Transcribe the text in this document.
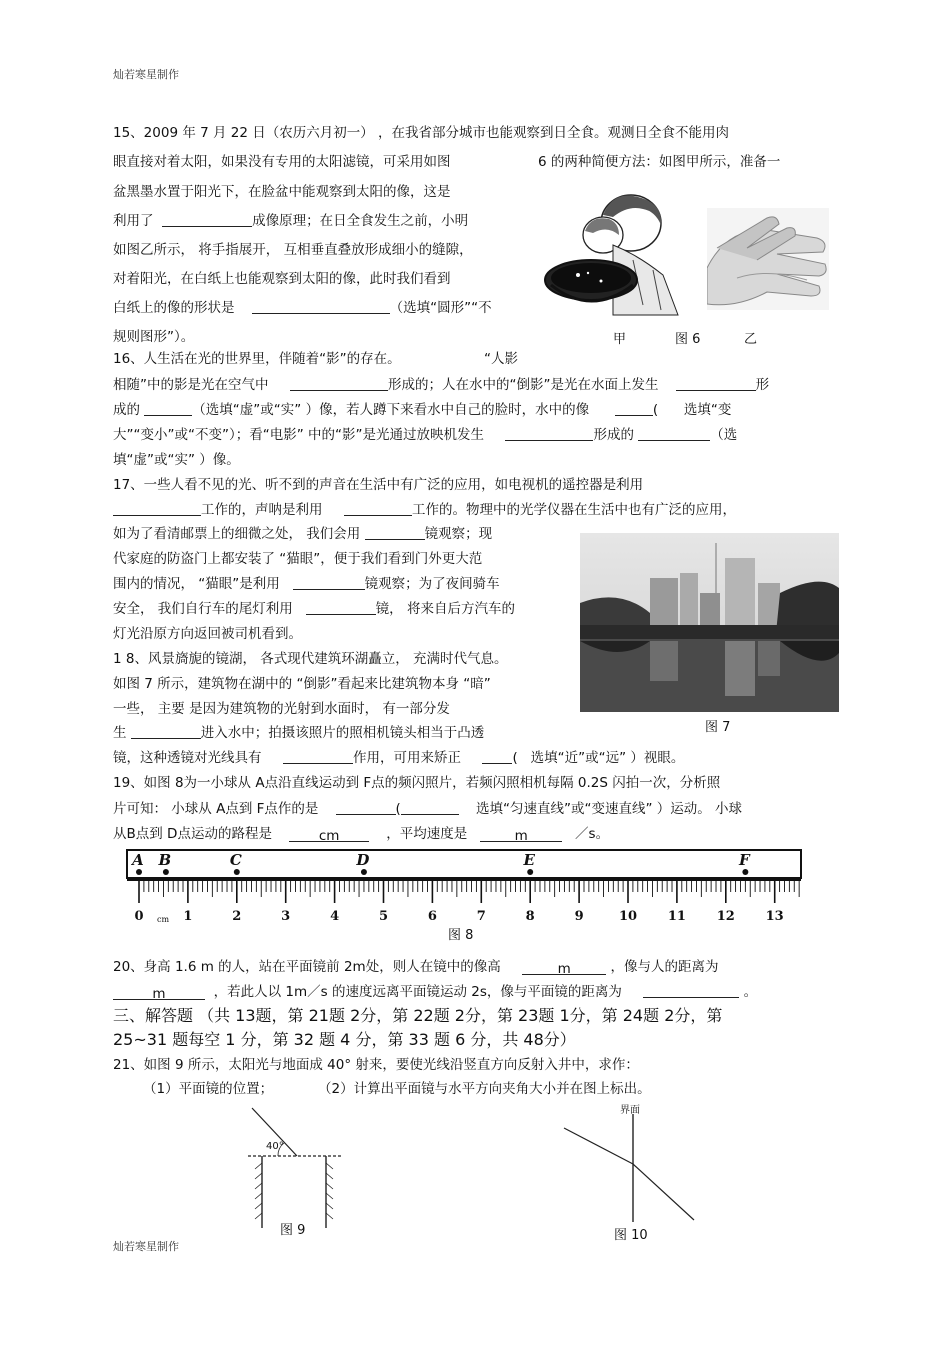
灿若寒星制作
15、2009 年 7 月 22 日（农历六月初一） ，在我省部分城市也能观察到日全食。观测日全食不能用肉
眼直接对着太阳，如果没有专用的太阳滤镜，可采用如图	6 的两种简便方法：如图甲所示，准备一
盆黑墨水置于阳光下，在脸盆中能观察到太阳的像，这是
利用了	成像原理；在日全食发生之前，小明
如图乙所示， 将手指展开， 互相垂直叠放形成细小的缝隙，
对着阳光，在白纸上也能观察到太阳的像，此时我们看到
白纸上的像的形状是	（选填“圆形”“不
规则图形”）。	甲	图 6	乙
16、人生活在光的世界里，伴随着“影”的存在。	“人影
相随”中的影是光在空气中	形成的；人在水中的“倒影”是光在水面上发生	形
成的	（选填“虚”或“实” ）像，若人蹲下来看水中自己的脸时，水中的像	( 选填“变
大”“变小”或“不变”）；看“电影” 中的“影”是光通过放映机发生	形成的	（选
填“虚”或“实” ）像。
17、一些人看不见的光、听不到的声音在生活中有广泛的应用，如电视机的遥控器是利用
工作的，声呐是利用	工作的。物理中的光学仪器在生活中也有广泛的应用，
如为了看清邮票上的细微之处， 我们会用	镜观察；现
代家庭的防盗门上都安装了 “猫眼”，便于我们看到门外更大范
围内的情况， “猫眼”是利用	镜观察；为了夜间骑车
安全， 我们自行车的尾灯利用	镜， 将来自后方汽车的
灯光沿原方向返回被司机看到。
图 7
1 8、风景旖旎的镜湖， 各式现代建筑环湖矗立， 充满时代气息。
如图 7 所示，建筑物在湖中的 “倒影”看起来比建筑物本身 “暗”
一些， 主要 是因为建筑物的光射到水面时， 有一部分发
生	进入水中；拍摄该照片的照相机镜头相当于凸透
镜，这种透镜对光线具有	作用，可用来矫正	( 选填“近”或“远” ）视眼。
19、如图 8为一小球从 A点沿直线运动到 F点的频闪照片，若频闪照相机每隔 0.2S 闪拍一次，分析照
片可知： 小球从 A点到 F点作的是	(	选填“匀速直线”或“变速直线” ）运动。 小球
从B点到 D点运动的路程是	cm	，平均速度是	m	／s。
0	1	2	3	4	5	6	7	8	9	10 11 12 13
cm
A B	C	D	E	F
图 8
20、身高 1.6 m 的人，站在平面镜前 2m处，则人在镜中的像高	m	，像与人的距离为
m	，若此人以 1m／s 的速度远离平面镜运动 2s，像与平面镜的距离为	。
三、解答题 （共 13题，第 21题 2分，第 22题 2分，第 23题 1分，第 24题 2分，第
25~31 题每空 1 分，第 32 题 4 分，第 33 题 6 分，共 48分）
21、如图 9 所示，太阳光与地面成 40° 射来，要使光线沿竖直方向反射入井中，求作：
（1）平面镜的位置；	（2）计算出平面镜与水平方向夹角大小并在图上标出。
40°
图 9
界面
图 10
灿若寒星制作
